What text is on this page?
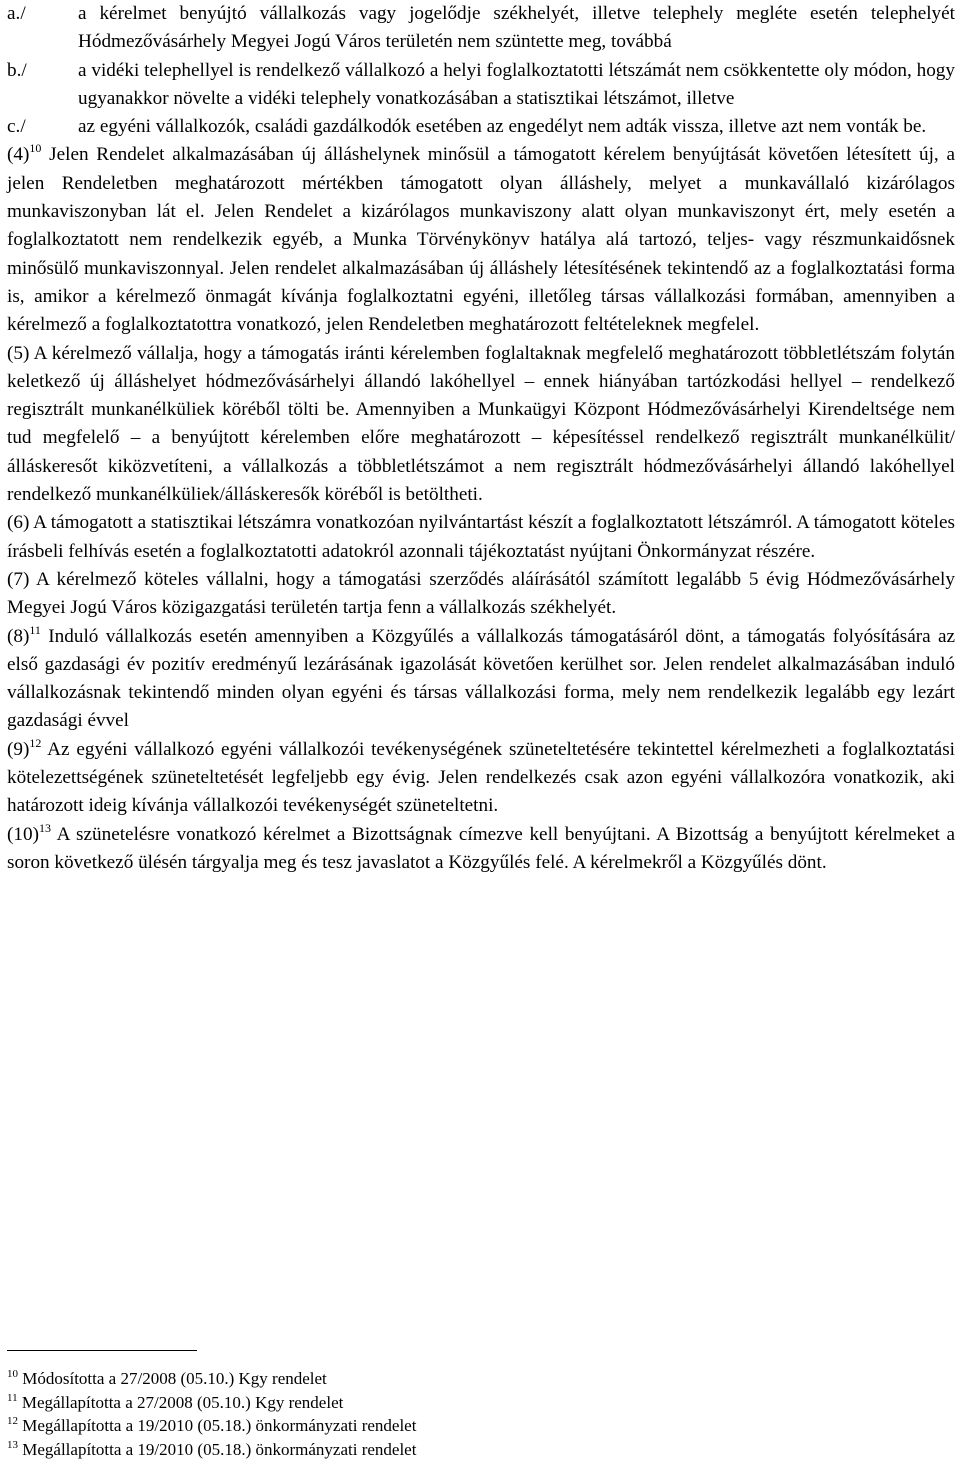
a./	a kérelmet benyújtó vállalkozás vagy jogelődje székhelyét, illetve telephely megléte esetén telephelyét Hódmezővásárhely Megyei Jogú Város területén nem szüntette meg, továbbá
b./	a vidéki telephellyel is rendelkező vállalkozó a helyi foglalkoztatotti létszámát nem csökkentette oly módon, hogy ugyanakkor növelte a vidéki telephely vonatkozásában a statisztikai létszámot, illetve
c./	az egyéni vállalkozók, családi gazdálkodók esetében az engedélyt nem adták vissza, illetve azt nem vonták be.

$(4)^{10}$ Jelen Rendelet alkalmazásában új álláshelynek minősül a támogatott kérelem benyújtását követően létesített új, a jelen Rendeletben meghatározott mértékben támogatott olyan álláshely, melyet a munkavállaló kizárólagos munkaviszonyban lát el. Jelen Rendelet a kizárólagos munkaviszony alatt olyan munkaviszonyt ért, mely esetén a foglalkoztatott nem rendelkezik egyéb, a Munka Törvénykönyv hatálya alá tartozó, teljes- vagy részmunkaidősnek minősülő munkaviszonnyal. Jelen rendelet alkalmazásában új álláshely létesítésének tekintendő az a foglalkoztatási forma is, amikor a kérelmező önmagát kívánja foglalkoztatni egyéni, illetőleg társas vállalkozási formában, amennyiben a kérelmező a foglalkoztatottra vonatkozó, jelen Rendeletben meghatározott feltételeknek megfelel.

(5) A kérelmező vállalja, hogy a támogatás iránti kérelemben foglaltaknak megfelelő meghatározott többletlétszám folytán keletkező új álláshelyet hódmezővásárhelyi állandó lakóhellyel – ennek hiányában tartózkodási hellyel – rendelkező regisztrált munkanélküliek köréből tölti be. Amennyiben a Munkaügyi Központ Hódmezővásárhelyi Kirendeltsége nem tud megfelelő – a benyújtott kérelemben előre meghatározott – képesítéssel rendelkező regisztrált munkanélkülit/álláskeresőt kiközvetíteni, a vállalkozás a többletlétszámot a nem regisztrált hódmezővásárhelyi állandó lakóhellyel rendelkező munkanélküliek/álláskeresők köréből is betöltheti.

(6) A támogatott a statisztikai létszámra vonatkozóan nyilvántartást készít a foglalkoztatott létszámról. A támogatott köteles írásbeli felhívás esetén a foglalkoztatotti adatokról azonnali tájékoztatást nyújtani Önkormányzat részére.

(7) A kérelmező köteles vállalni, hogy a támogatási szerződés aláírásától számított legalább 5 évig Hódmezővásárhely Megyei Jogú Város közigazgatási területén tartja fenn a vállalkozás székhelyét.

$(8)^{11}$ Induló vállalkozás esetén amennyiben a Közgyűlés a vállalkozás támogatásáról dönt, a támogatás folyósítására az első gazdasági év pozitív eredményű lezárásának igazolását követően kerülhet sor. Jelen rendelet alkalmazásában induló vállalkozásnak tekintendő minden olyan egyéni és társas vállalkozási forma, mely nem rendelkezik legalább egy lezárt gazdasági évvel

$(9)^{12}$ Az egyéni vállalkozó egyéni vállalkozói tevékenységének szüneteltetésére tekintettel kérelmezheti a foglalkoztatási kötelezettségének szüneteltetését legfeljebb egy évig. Jelen rendelkezés csak azon egyéni vállalkozóra vonatkozik, aki határozott ideig kívánja vállalkozói tevékenységét szüneteltetni.

$(10)^{13}$ A szünetelésre vonatkozó kérelmet a Bizottságnak címezve kell benyújtani. A Bizottság a benyújtott kérelmeket a soron következő ülésén tárgyalja meg és tesz javaslatot a Közgyűlés felé. A kérelmekről a Közgyűlés dönt.

$^{10}$ Módosította a 27/2008 (05.10.) Kgy rendelet

$^{11}$ Megállapította a 27/2008 (05.10.) Kgy rendelet

$^{12}$ Megállapította a 19/2010 (05.18.) önkormányzati rendelet

$^{13}$ Megállapította a 19/2010 (05.18.) önkormányzati rendelet
